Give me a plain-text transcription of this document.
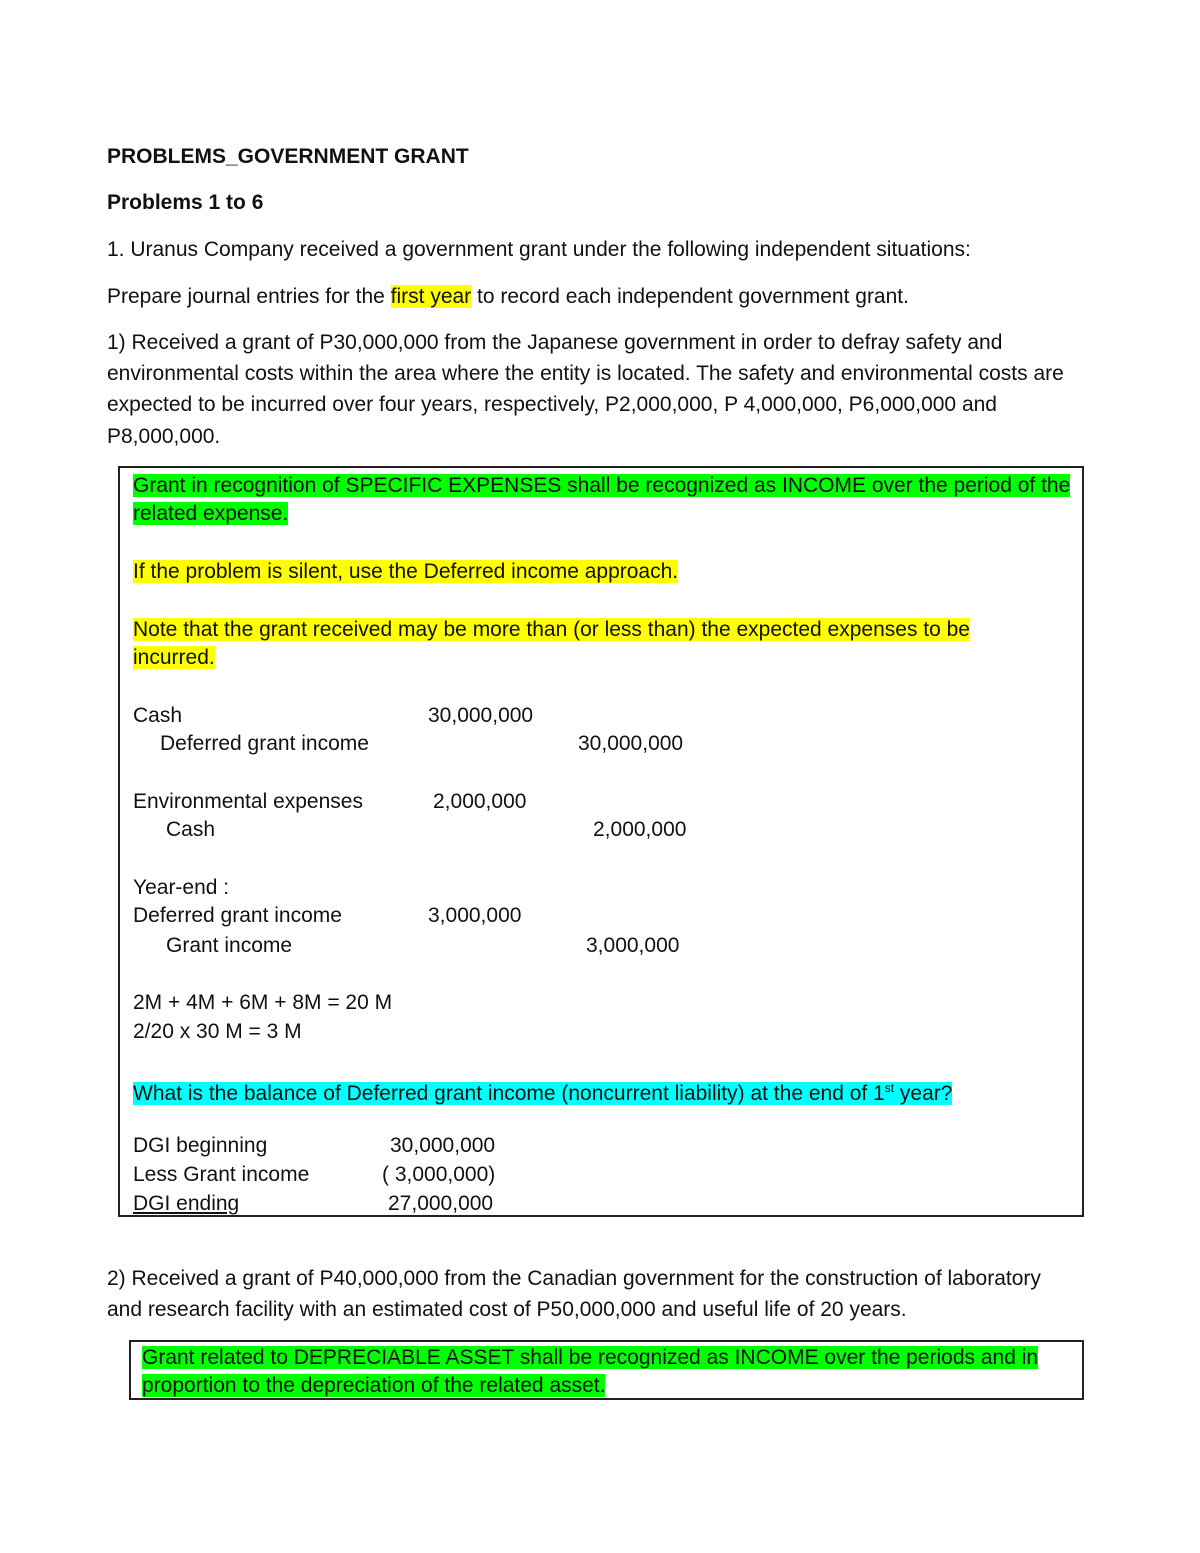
PROBLEMS_GOVERNMENT GRANT
Problems 1 to 6
1. Uranus Company received a government grant under the following independent situations:
Prepare journal entries for the first year to record each independent government grant.
1) Received a grant of P30,000,000 from the Japanese government in order to defray safety and
environmental costs within the area where the entity is located. The safety and environmental costs are
expected to be incurred over four years, respectively, P2,000,000, P 4,000,000, P6,000,000 and
P8,000,000.
Grant in recognition of SPECIFIC EXPENSES shall be recognized as INCOME over the period of the
related expense.
If the problem is silent, use the Deferred income approach.
Note that the grant received may be more than (or less than) the expected expenses to be
incurred.
Cash	30,000,000
Deferred grant income	30,000,000
Environmental expenses	2,000,000
Cash	2,000,000
Year-end :
Deferred grant income	3,000,000
Grant income	3,000,000
2M + 4M + 6M + 8M = 20 M
2/20 x 30 M = 3 M
What is the balance of Deferred grant income (noncurrent liability) at the end of 1st year?
DGI beginning	30,000,000
Less Grant income	( 3,000,000)
DGI ending	27,000,000
2) Received a grant of P40,000,000 from the Canadian government for the construction of laboratory
and research facility with an estimated cost of P50,000,000 and useful life of 20 years.
Grant related to DEPRECIABLE ASSET shall be recognized as INCOME over the periods and in
proportion to the depreciation of the related asset.
